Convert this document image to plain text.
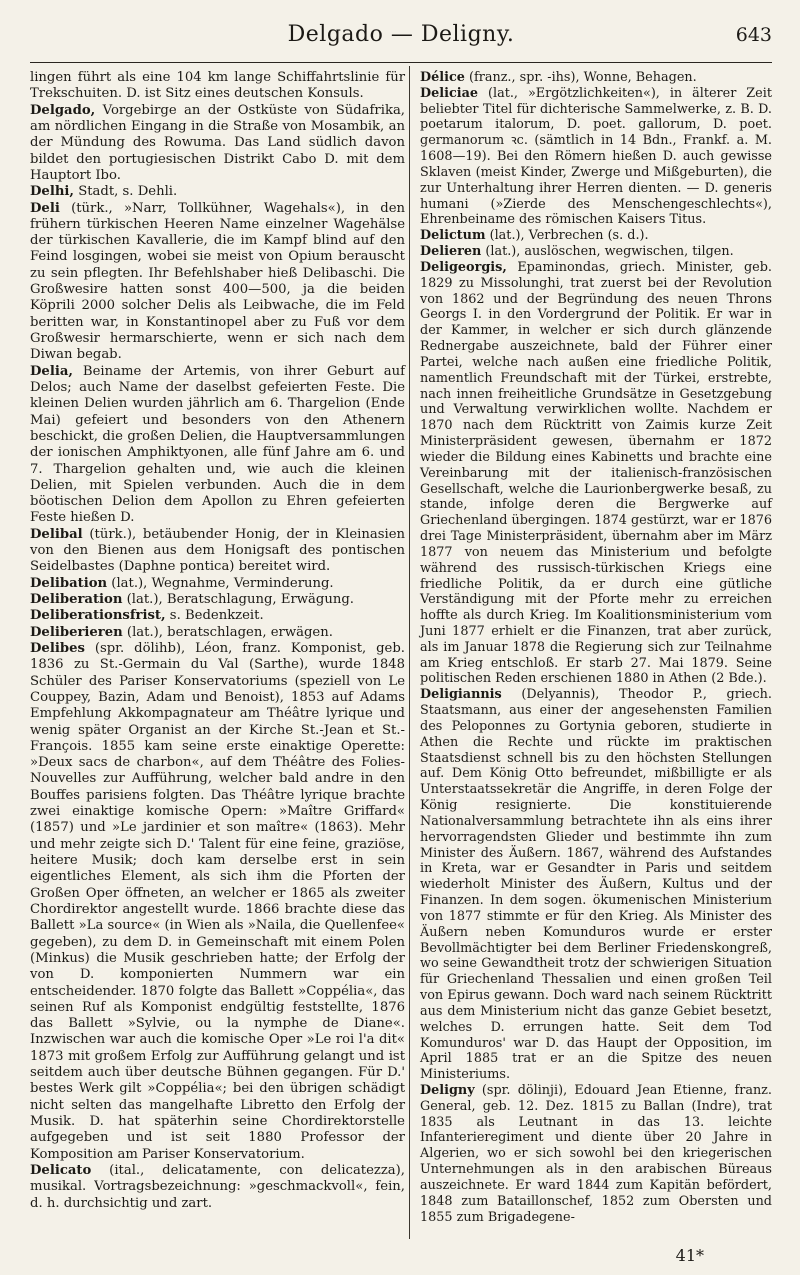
Delgado — Deligny.	643

lingen führt als eine 104 km lange Schiffahrtslinie für Trekschuiten. D. ist Sitz eines deutschen Konsuls.

Delgado, Vorgebirge an der Ostküste von Südafrika, am nördlichen Eingang in die Straße von Mosambik, an der Mündung des Rowuma. Das Land südlich davon bildet den portugiesischen Distrikt Cabo D. mit dem Hauptort Ibo.

Delhi, Stadt, s. Dehli.

Deli (türk., »Narr, Tollkühner, Wagehals«), in den frühern türkischen Heeren Name einzelner Wagehälse der türkischen Kavallerie, die im Kampf blind auf den Feind losgingen, wobei sie meist von Opium berauscht zu sein pflegten. Ihr Befehlshaber hieß Delibaschi. Die Großwesire hatten sonst 400—500, ja die beiden Köprili 2000 solcher Delis als Leibwache, die im Feld beritten war, in Konstantinopel aber zu Fuß vor dem Großwesir hermarschierte, wenn er sich nach dem Diwan begab.

Delia, Beiname der Artemis, von ihrer Geburt auf Delos; auch Name der daselbst gefeierten Feste. Die kleinen Delien wurden jährlich am 6. Thargelion (Ende Mai) gefeiert und besonders von den Athenern beschickt, die großen Delien, die Hauptversammlungen der ionischen Amphiktyonen, alle fünf Jahre am 6. und 7. Thargelion gehalten und, wie auch die kleinen Delien, mit Spielen verbunden. Auch die in dem böotischen Delion dem Apollon zu Ehren gefeierten Feste hießen D.

Delibal (türk.), betäubender Honig, der in Kleinasien von den Bienen aus dem Honigsaft des pontischen Seidelbastes (Daphne pontica) bereitet wird.

Delibation (lat.), Wegnahme, Verminderung.

Deliberation (lat.), Beratschlagung, Erwägung.

Deliberationsfrist, s. Bedenkzeit.

Deliberieren (lat.), beratschlagen, erwägen.

Delibes (spr. dölihb), Léon, franz. Komponist, geb. 1836 zu St.-Germain du Val (Sarthe), wurde 1848 Schüler des Pariser Konservatoriums (speziell von Le Couppey, Bazin, Adam und Benoist), 1853 auf Adams Empfehlung Akkompagnateur am Théâtre lyrique und wenig später Organist an der Kirche St.-Jean et St.-François. 1855 kam seine erste einaktige Operette: »Deux sacs de charbon«, auf dem Théâtre des Folies-Nouvelles zur Aufführung, welcher bald andre in den Bouffes parisiens folgten. Das Théâtre lyrique brachte zwei einaktige komische Opern: »Maître Griffard« (1857) und »Le jardinier et son maître« (1863). Mehr und mehr zeigte sich D.' Talent für eine feine, graziöse, heitere Musik; doch kam derselbe erst in sein eigentliches Element, als sich ihm die Pforten der Großen Oper öffneten, an welcher er 1865 als zweiter Chordirektor angestellt wurde. 1866 brachte diese das Ballett »La source« (in Wien als »Naila, die Quellenfee« gegeben), zu dem D. in Gemeinschaft mit einem Polen (Minkus) die Musik geschrieben hatte; der Erfolg der von D. komponierten Nummern war ein entscheidender. 1870 folgte das Ballett »Coppélia«, das seinen Ruf als Komponist endgültig feststellte, 1876 das Ballett »Sylvie, ou la nymphe de Diane«. Inzwischen war auch die komische Oper »Le roi l'a dit« 1873 mit großem Erfolg zur Aufführung gelangt und ist seitdem auch über deutsche Bühnen gegangen. Für D.' bestes Werk gilt »Coppélia«; bei den übrigen schädigt nicht selten das mangelhafte Libretto den Erfolg der Musik. D. hat späterhin seine Chordirektorstelle aufgegeben und ist seit 1880 Professor der Komposition am Pariser Konservatorium.

Delicato (ital., delicatamente, con delicatezza), musikal. Vortragsbezeichnung: »geschmackvoll«, fein, d. h. durchsichtig und zart.

Délice (franz., spr. -ihs), Wonne, Behagen.

Deliciae (lat., »Ergötzlichkeiten«), in älterer Zeit beliebter Titel für dichterische Sammelwerke, z. B. D. poetarum italorum, D. poet. gallorum, D. poet. germanorum ꝛc. (sämtlich in 14 Bdn., Frankf. a. M. 1608—19). Bei den Römern hießen D. auch gewisse Sklaven (meist Kinder, Zwerge und Mißgeburten), die zur Unterhaltung ihrer Herren dienten. — D. generis humani (»Zierde des Menschengeschlechts«), Ehrenbeiname des römischen Kaisers Titus.

Delictum (lat.), Verbrechen (s. d.).

Delieren (lat.), auslöschen, wegwischen, tilgen.

Deligeorgis, Epaminondas, griech. Minister, geb. 1829 zu Missolunghi, trat zuerst bei der Revolution von 1862 und der Begründung des neuen Throns Georgs I. in den Vordergrund der Politik. Er war in der Kammer, in welcher er sich durch glänzende Rednergabe auszeichnete, bald der Führer einer Partei, welche nach außen eine friedliche Politik, namentlich Freundschaft mit der Türkei, erstrebte, nach innen freiheitliche Grundsätze in Gesetzgebung und Verwaltung verwirklichen wollte. Nachdem er 1870 nach dem Rücktritt von Zaimis kurze Zeit Ministerpräsident gewesen, übernahm er 1872 wieder die Bildung eines Kabinetts und brachte eine Vereinbarung mit der italienisch-französischen Gesellschaft, welche die Laurionbergwerke besaß, zu stande, infolge deren die Bergwerke auf Griechenland übergingen. 1874 gestürzt, war er 1876 drei Tage Ministerpräsident, übernahm aber im März 1877 von neuem das Ministerium und befolgte während des russisch-türkischen Kriegs eine friedliche Politik, da er durch eine gütliche Verständigung mit der Pforte mehr zu erreichen hoffte als durch Krieg. Im Koalitionsministerium vom Juni 1877 erhielt er die Finanzen, trat aber zurück, als im Januar 1878 die Regierung sich zur Teilnahme am Krieg entschloß. Er starb 27. Mai 1879. Seine politischen Reden erschienen 1880 in Athen (2 Bde.).

Deligiannis (Delyannis), Theodor P., griech. Staatsmann, aus einer der angesehensten Familien des Peloponnes zu Gortynia geboren, studierte in Athen die Rechte und rückte im praktischen Staatsdienst schnell bis zu den höchsten Stellungen auf. Dem König Otto befreundet, mißbilligte er als Unterstaatssekretär die Angriffe, in deren Folge der König resignierte. Die konstituierende Nationalversammlung betrachtete ihn als eins ihrer hervorragendsten Glieder und bestimmte ihn zum Minister des Äußern. 1867, während des Aufstandes in Kreta, war er Gesandter in Paris und seitdem wiederholt Minister des Äußern, Kultus und der Finanzen. In dem sogen. ökumenischen Ministerium von 1877 stimmte er für den Krieg. Als Minister des Äußern neben Komunduros wurde er erster Bevollmächtigter bei dem Berliner Friedenskongreß, wo seine Gewandtheit trotz der schwierigen Situation für Griechenland Thessalien und einen großen Teil von Epirus gewann. Doch ward nach seinem Rücktritt aus dem Ministerium nicht das ganze Gebiet besetzt, welches D. errungen hatte. Seit dem Tod Komunduros' war D. das Haupt der Opposition, im April 1885 trat er an die Spitze des neuen Ministeriums.

Deligny (spr. dölinji), Edouard Jean Etienne, franz. General, geb. 12. Dez. 1815 zu Ballan (Indre), trat 1835 als Leutnant in das 13. leichte Infanterieregiment und diente über 20 Jahre in Algerien, wo er sich sowohl bei den kriegerischen Unternehmungen als in den arabischen Büreaus auszeichnete. Er ward 1844 zum Kapitän befördert, 1848 zum Bataillonschef, 1852 zum Obersten und 1855 zum Brigadegene-

41*
